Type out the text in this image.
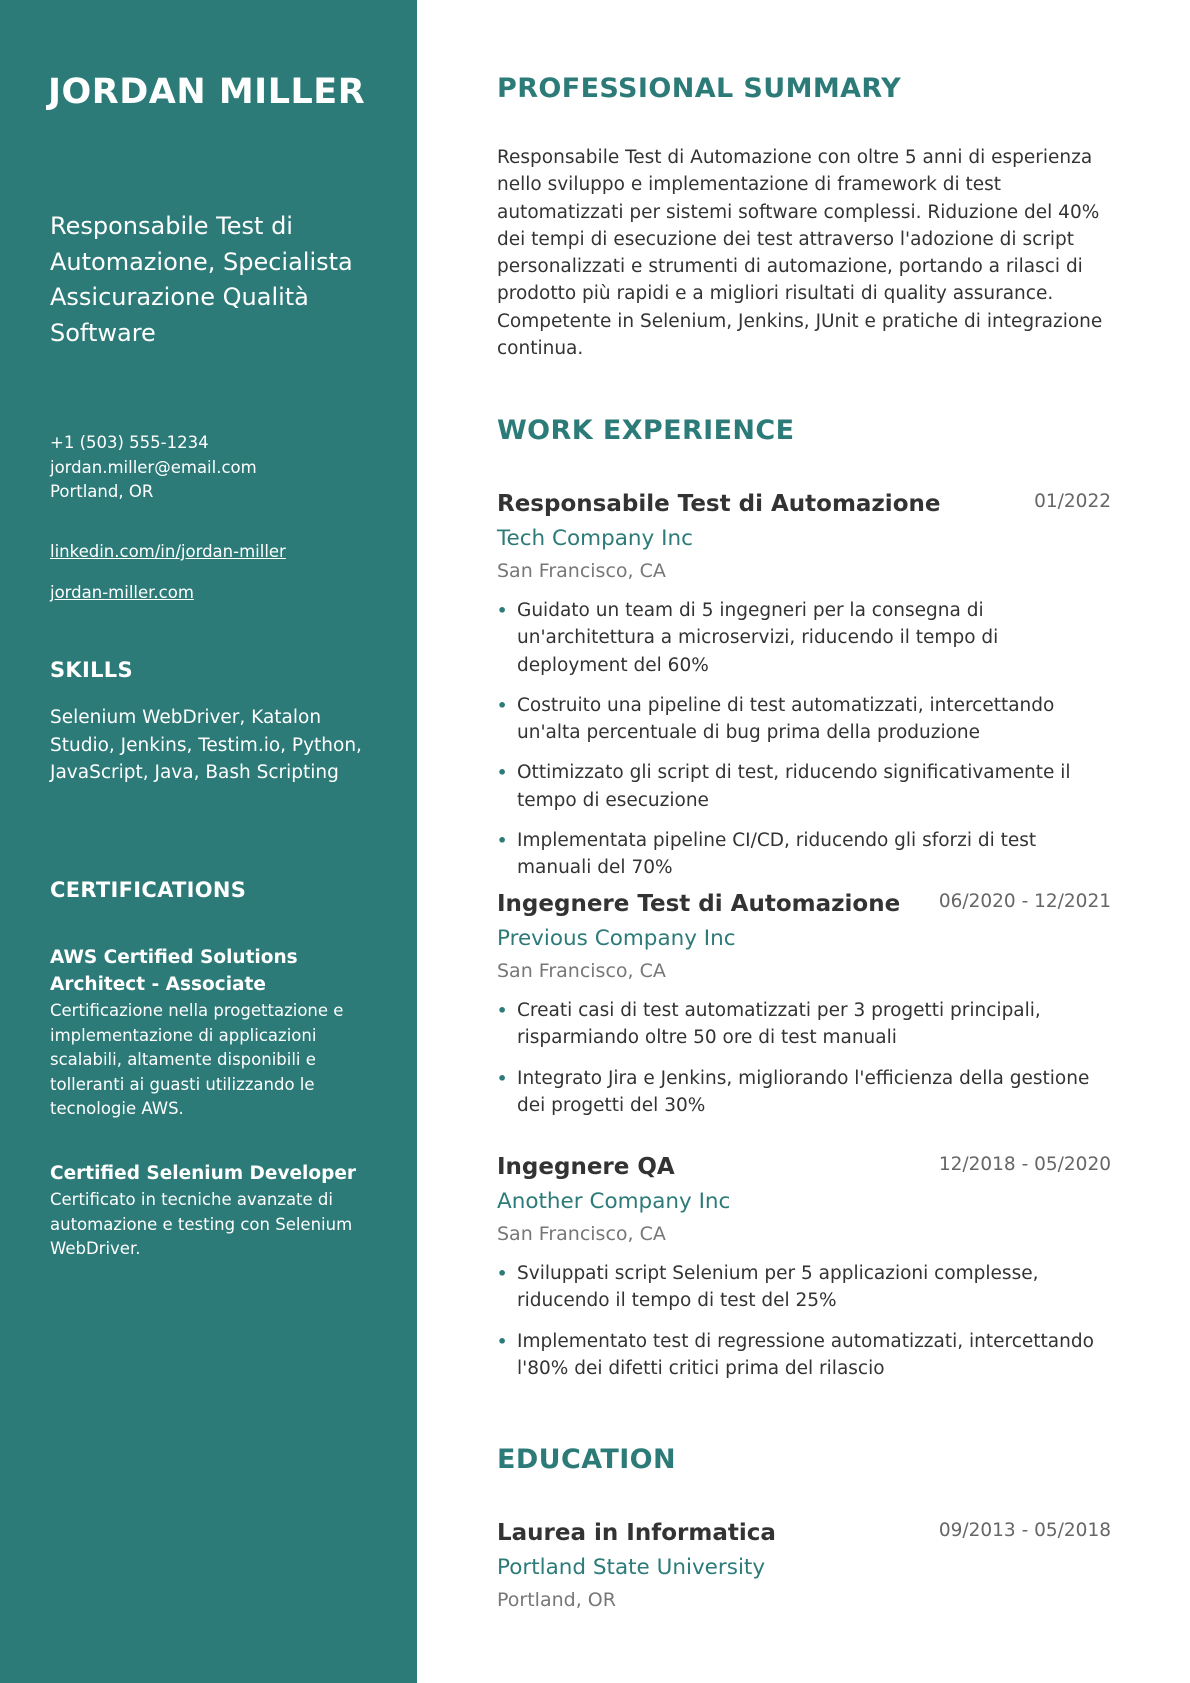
JORDAN MILLER
Responsabile Test di Automazione, Specialista Assicurazione Qualità Software
+1 (503) 555-1234
jordan.miller@email.com
Portland, OR
linkedin.com/in/jordan-miller
jordan-miller.com
SKILLS
Selenium WebDriver, Katalon Studio, Jenkins, Testim.io, Python, JavaScript, Java, Bash Scripting
CERTIFICATIONS
AWS Certified Solutions Architect - Associate
Certificazione nella progettazione e implementazione di applicazioni scalabili, altamente disponibili e tolleranti ai guasti utilizzando le tecnologie AWS.
Certified Selenium Developer
Certificato in tecniche avanzate di automazione e testing con Selenium WebDriver.
PROFESSIONAL SUMMARY

Responsabile Test di Automazione con oltre 5 anni di esperienza nello sviluppo e implementazione di framework di test automatizzati per sistemi software complessi. Riduzione del 40% dei tempi di esecuzione dei test attraverso l'adozione di script personalizzati e strumenti di automazione, portando a rilasci di prodotto più rapidi e a migliori risultati di quality assurance. Competente in Selenium, Jenkins, JUnit e pratiche di integrazione continua.

WORK EXPERIENCE
Responsabile Test di Automazione	01/2022
Tech Company Inc
San Francisco, CA
• Guidato un team di 5 ingegneri per la consegna di un'architettura a microservizi, riducendo il tempo di deployment del 60%
• Costruito una pipeline di test automatizzati, intercettando un'alta percentuale di bug prima della produzione
• Ottimizzato gli script di test, riducendo significativamente il tempo di esecuzione
• Implementata pipeline CI/CD, riducendo gli sforzi di test manuali del 70%
Ingegnere Test di Automazione	06/2020 - 12/2021
Previous Company Inc
San Francisco, CA
• Creati casi di test automatizzati per 3 progetti principali, risparmiando oltre 50 ore di test manuali
• Integrato Jira e Jenkins, migliorando l'efficienza della gestione dei progetti del 30%
Ingegnere QA	12/2018 - 05/2020
Another Company Inc
San Francisco, CA
• Sviluppati script Selenium per 5 applicazioni complesse, riducendo il tempo di test del 25%
• Implementato test di regressione automatizzati, intercettando l'80% dei difetti critici prima del rilascio
EDUCATION
Laurea in Informatica	09/2013 - 05/2018
Portland State University
Portland, OR
